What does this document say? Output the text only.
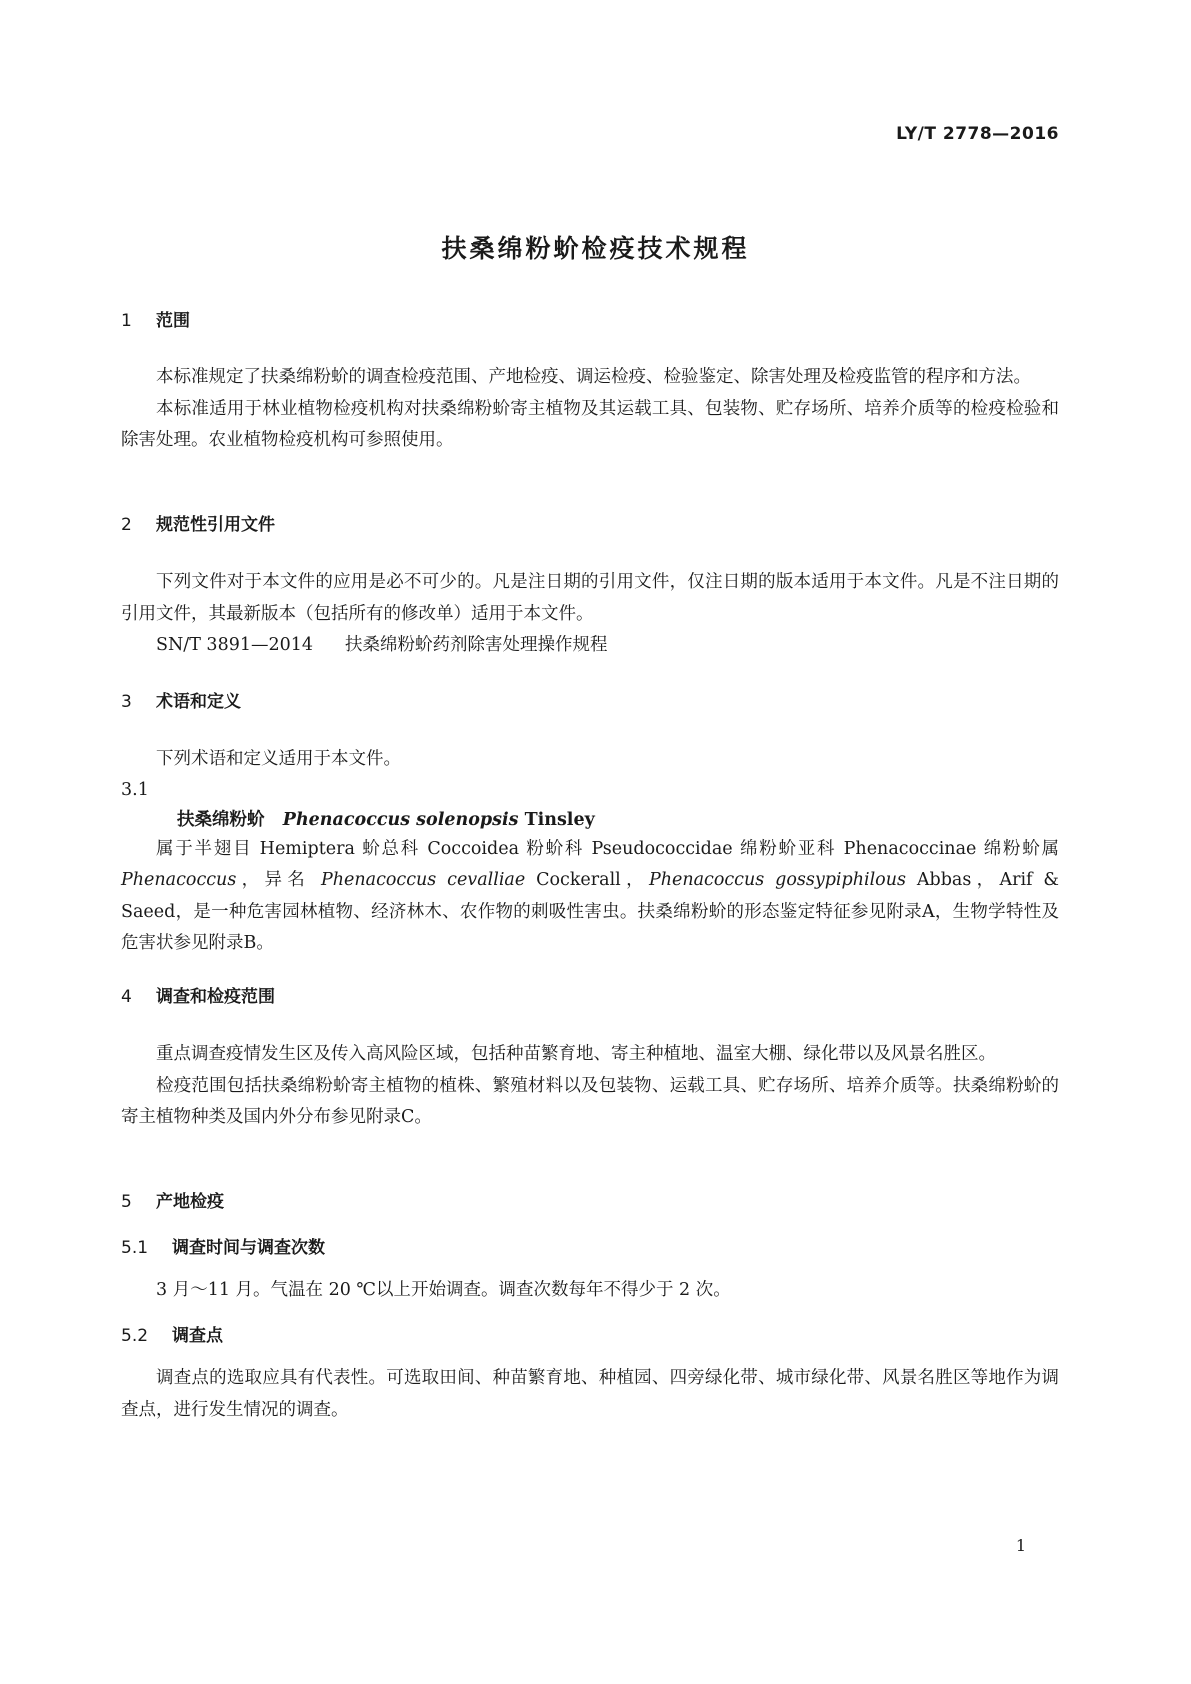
LY/T 2778—2016
扶桑绵粉蚧检疫技术规程
1 范围

本标准规定了扶桑绵粉蚧的调查检疫范围、产地检疫、调运检疫、检验鉴定、除害处理及检疫监管的程序和方法。

本标准适用于林业植物检疫机构对扶桑绵粉蚧寄主植物及其运载工具、包装物、贮存场所、培养介质等的检疫检验和除害处理。农业植物检疫机构可参照使用。

2 规范性引用文件

下列文件对于本文件的应用是必不可少的。凡是注日期的引用文件，仅注日期的版本适用于本文件。凡是不注日期的引用文件，其最新版本（包括所有的修改单）适用于本文件。

SN/T 3891—2014 扶桑绵粉蚧药剂除害处理操作规程

3 术语和定义

下列术语和定义适用于本文件。

3.1
扶桑绵粉蚧 Phenacoccus solenopsis Tinsley

属于半翅目 Hemiptera 蚧总科 Coccoidea 粉蚧科 Pseudococcidae 绵粉蚧亚科 Phenacoccinae 绵粉蚧属 Phenacoccus，异名 Phenacoccus cevalliae Cockerall，Phenacoccus gossypiphilous Abbas，Arif & Saeed，是一种危害园林植物、经济林木、农作物的刺吸性害虫。扶桑绵粉蚧的形态鉴定特征参见附录A，生物学特性及危害状参见附录B。

4 调查和检疫范围

重点调查疫情发生区及传入高风险区域，包括种苗繁育地、寄主种植地、温室大棚、绿化带以及风景名胜区。

检疫范围包括扶桑绵粉蚧寄主植物的植株、繁殖材料以及包装物、运载工具、贮存场所、培养介质等。扶桑绵粉蚧的寄主植物种类及国内外分布参见附录C。

5 产地检疫
5.1 调查时间与调查次数

3 月～11 月。气温在 20 ℃以上开始调查。调查次数每年不得少于 2 次。

5.2 调查点

调查点的选取应具有代表性。可选取田间、种苗繁育地、种植园、四旁绿化带、城市绿化带、风景名胜区等地作为调查点，进行发生情况的调查。

1
